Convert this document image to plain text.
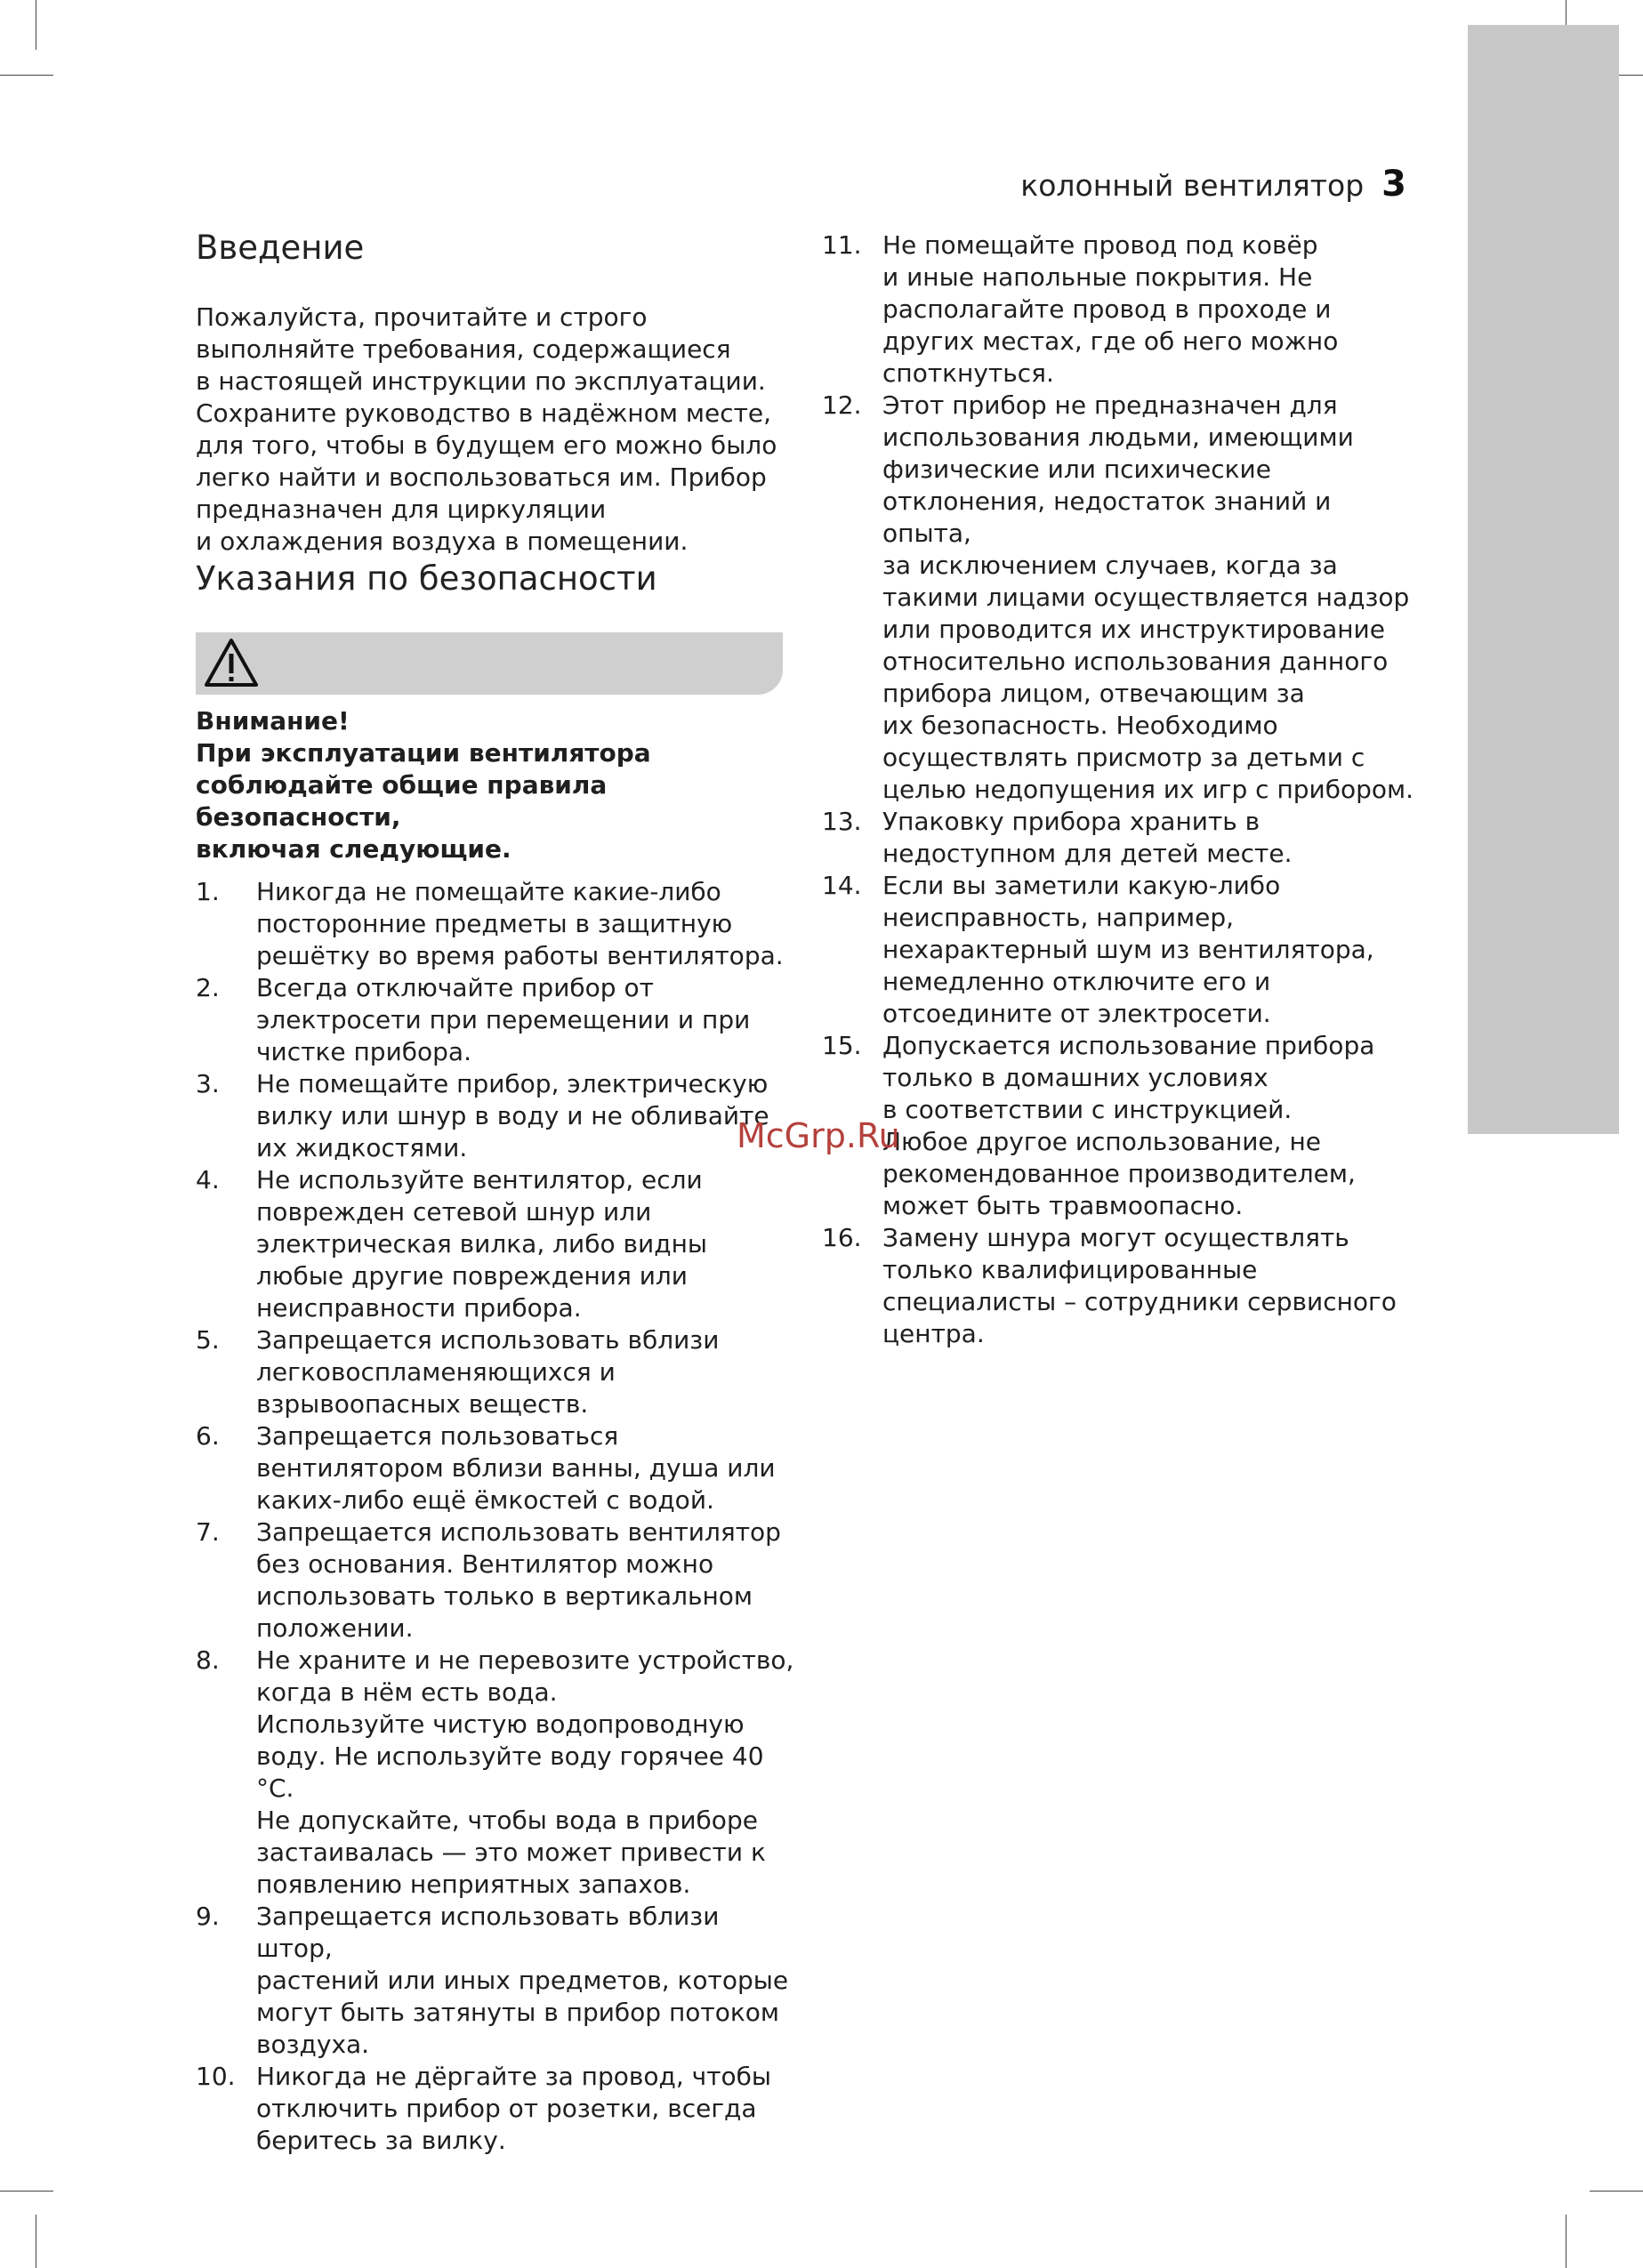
колонный вентилятор 3
Введение
Пожалуйста, прочитайте и строго
выполняйте требования, содержащиеся
в настоящей инструкции по эксплуатации.
Сохраните руководство в надёжном месте,
для того, чтобы в будущем его можно было
легко найти и воспользоваться им. Прибор
предназначен для циркуляции
и охлаждения воздуха в помещении.
Указания по безопасности
Внимание!
При эксплуатации вентилятора
соблюдайте общие правила безопасности,
включая следующие.
1.	Никогда не помещайте какие-либо
посторонние предметы в защитную
решётку во время работы вентилятора.
2.	Всегда отключайте прибор от
электросети при перемещении и при
чистке прибора.
3.	Не помещайте прибор, электрическую
вилку или шнур в воду и не обливайте
их жидкостями.
4.	Не используйте вентилятор, если
поврежден сетевой шнур или
электрическая вилка, либо видны
любые другие повреждения или
неисправности прибора.
5.	Запрещается использовать вблизи
легковоспламеняющихся и
взрывоопасных веществ.
6.	Запрещается пользоваться
вентилятором вблизи ванны, душа или
каких-либо ещё ёмкостей с водой.
7.	Запрещается использовать вентилятор
без основания. Вентилятор можно
использовать только в вертикальном
положении.
8.	Не храните и не перевозите устройство,
когда в нём есть вода.
Используйте чистую водопроводную
воду. Не используйте воду горячее 40 °C.
Не допускайте, чтобы вода в приборе
застаивалась — это может привести к
появлению неприятных запахов.
9.	Запрещается использовать вблизи штор,
растений или иных предметов, которые
могут быть затянуты в прибор потоком
воздуха.
10. Никогда не дёргайте за провод, чтобы
отключить прибор от розетки, всегда
беритесь за вилку.
11. Не помещайте провод под ковёр
и иные напольные покрытия. Не
располагайте провод в проходе и
других местах, где об него можно
споткнуться.
12. Этот прибор не предназначен для
использования людьми, имеющими
физические или психические
отклонения, недостаток знаний и опыта,
за исключением случаев, когда за
такими лицами осуществляется надзор
или проводится их инструктирование
относительно использования данного
прибора лицом, отвечающим за
их безопасность. Необходимо
осуществлять присмотр за детьми с
целью недопущения их игр с прибором.
13. Упаковку прибора хранить в
недоступном для детей месте.
14. Если вы заметили какую-либо
неисправность, например,
нехарактерный шум из вентилятора,
немедленно отключите его и
отсоедините от электросети.
15. Допускается использование прибора
только в домашних условиях
в соответствии с инструкцией.
Любое другое использование, не
рекомендованное производителем,
может быть травмоопасно.
16. Замену шнура могут осуществлять
только квалифицированные
специалисты – сотрудники сервисного
центра.
McGrp.Ru
